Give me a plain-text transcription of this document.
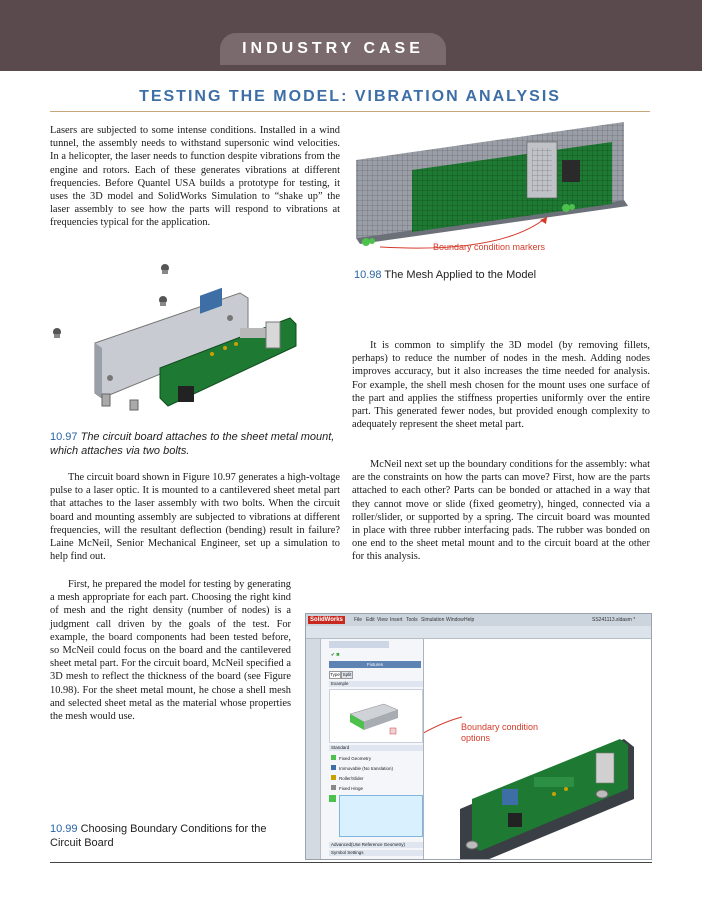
INDUSTRY CASE
TESTING THE MODEL: VIBRATION ANALYSIS

Lasers are subjected to some intense conditions. Installed in a wind tunnel, the assembly needs to withstand supersonic wind velocities. In a helicopter, the laser needs to function despite vibrations from the engine and rotors. Each of these generates vibrations at different frequencies. Before Quantel USA builds a prototype for testing, it uses the 3D model and SolidWorks Simulation to “shake up” the laser assembly to see how the parts will respond to vibrations at frequencies typical for the application.

10.97 The circuit board attaches to the sheet metal mount, which attaches via two bolts.

The circuit board shown in Figure 10.97 generates a high-voltage pulse to a laser optic. It is mounted to a cantilevered sheet metal part that attaches to the laser assembly with two bolts. When the circuit board and mounting assembly are subjected to vibrations at different frequencies, will the resultant deflection (bending) result in failure? Laine McNeil, Senior Mechanical Engineer, set up a simulation to help find out.

First, he prepared the model for testing by generating a mesh appropriate for each part. Choosing the right kind of mesh and the right density (number of nodes) is a judgment call driven by the goals of the test. For example, the board components had been tested before, so McNeil could focus on the board and the cantilevered sheet metal part. For the circuit board, McNeil specified a 3D mesh to reflect the thickness of the board (see Figure 10.98). For the sheet metal mount, he chose a shell mesh and selected sheet metal as the material whose properties the mesh would use.

Boundary condition markers
10.98 The Mesh Applied to the Model

It is common to simplify the 3D model (by removing fillets, perhaps) to reduce the number of nodes in the mesh. Adding nodes improves accuracy, but it also increases the time needed for analysis. For example, the shell mesh chosen for the mount uses one surface of the part and applies the stiffness properties uniformly over the entire part. This generated fewer nodes, but provided enough complexity to adequately represent the sheet metal part.

McNeil next set up the boundary conditions for the assembly: what are the constraints on how the parts can move? First, how are the parts attached to each other? Parts can be bonded or attached in a way that they cannot move or slide (fixed geometry), hinged, connected via a roller/slider, or supported by a spring. The circuit board was mounted in place with three rubber interfacing pads. The rubber was bonded on one end to the sheet metal mount and to the circuit board at the other for this analysis.

SolidWorks	File Edit View Insert Tools Simulation Window Help	SS241113.sldasm *
✔ ✖
Fixtures
Type Split
Example
Standard
Fixed Geometry
Immovable (No translation)
Roller/Slider
Fixed Hinge
Advanced(Use Reference Geometry)
Symbol Settings
Boundary condition
options
10.99 Choosing Boundary Conditions for the Circuit Board
